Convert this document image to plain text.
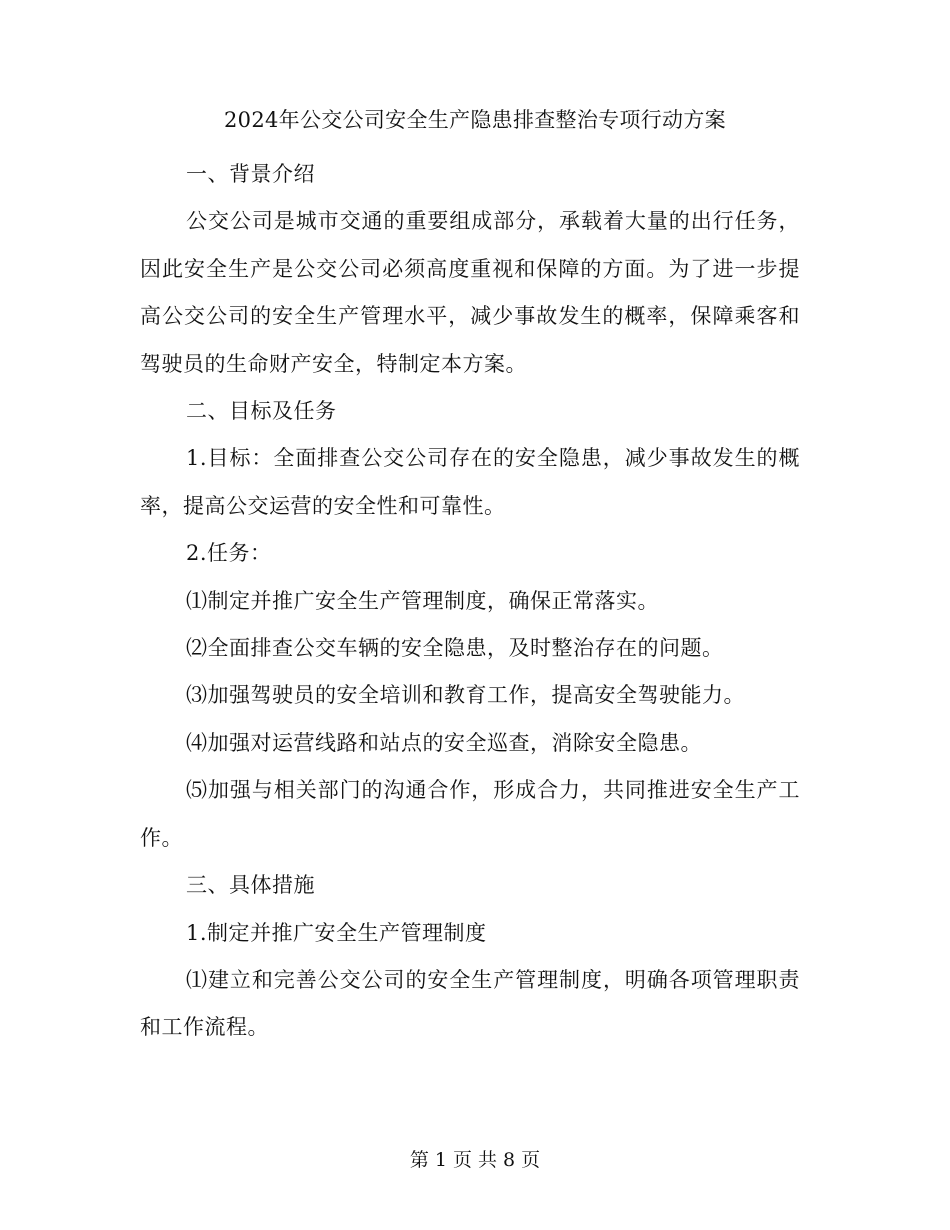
2024年公交公司安全生产隐患排查整治专项行动方案

一、背景介绍

公交公司是城市交通的重要组成部分，承载着大量的出行任务，因此安全生产是公交公司必须高度重视和保障的方面。为了进一步提高公交公司的安全生产管理水平，减少事故发生的概率，保障乘客和驾驶员的生命财产安全，特制定本方案。

二、目标及任务

1.目标：全面排查公交公司存在的安全隐患，减少事故发生的概率，提高公交运营的安全性和可靠性。

2.任务：

⑴制定并推广安全生产管理制度，确保正常落实。

⑵全面排查公交车辆的安全隐患，及时整治存在的问题。

⑶加强驾驶员的安全培训和教育工作，提高安全驾驶能力。

⑷加强对运营线路和站点的安全巡查，消除安全隐患。

⑸加强与相关部门的沟通合作，形成合力，共同推进安全生产工作。

三、具体措施

1.制定并推广安全生产管理制度

⑴建立和完善公交公司的安全生产管理制度，明确各项管理职责和工作流程。

第 1 页 共 8 页
